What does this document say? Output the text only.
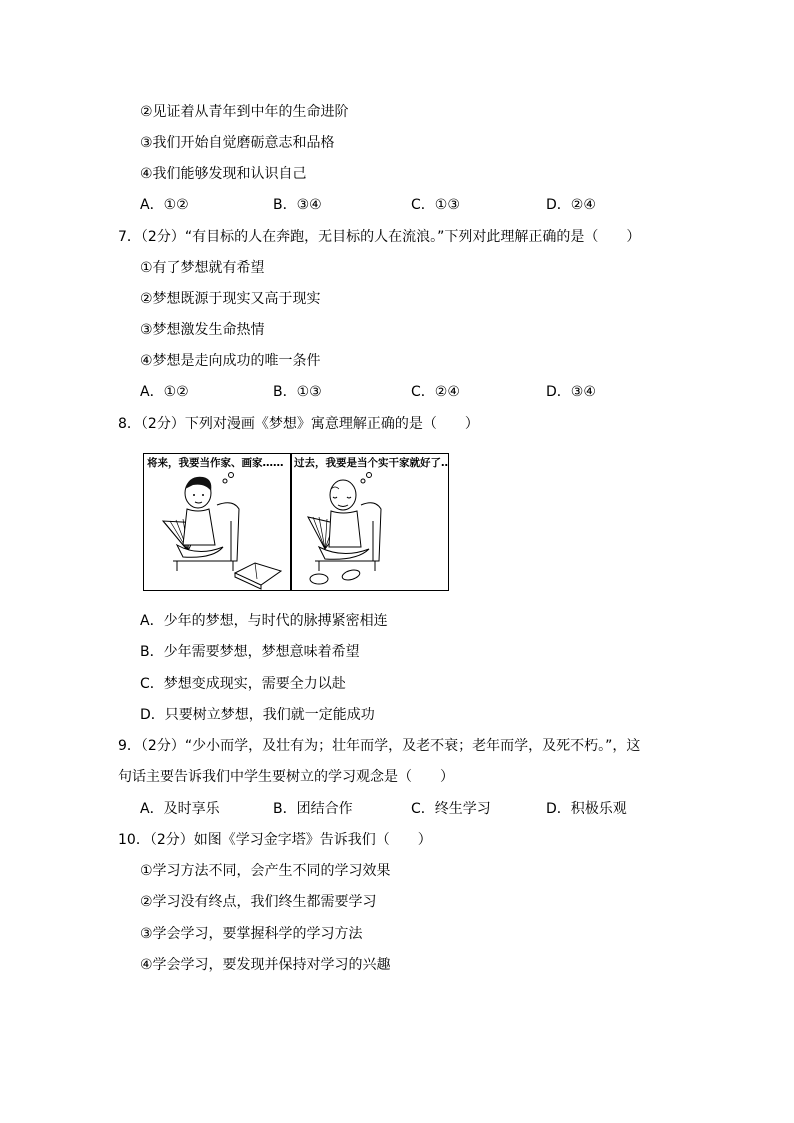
②见证着从青年到中年的生命进阶
③我们开始自觉磨砺意志和品格
④我们能够发现和认识自己
A．①②	B．③④	C．①③	D．②④
7．（2分）“有目标的人在奔跑，无目标的人在流浪。”下列对此理解正确的是（　　）
①有了梦想就有希望
②梦想既源于现实又高于现实
③梦想激发生命热情
④梦想是走向成功的唯一条件
A．①②	B．①③	C．②④	D．③④
8．（2分）下列对漫画《梦想》寓意理解正确的是（　　）
将来，我要当作家、画家…… 过去，我要是当个实干家就好了……
A．少年的梦想，与时代的脉搏紧密相连
B．少年需要梦想，梦想意味着希望
C．梦想变成现实，需要全力以赴
D．只要树立梦想，我们就一定能成功
9．（2分）“少小而学，及壮有为；壮年而学，及老不衰；老年而学，及死不朽。”，这
句话主要告诉我们中学生要树立的学习观念是（　　）
A．及时享乐	B．团结合作	C．终生学习	D．积极乐观
10．（2分）如图《学习金字塔》告诉我们（　　）
①学习方法不同，会产生不同的学习效果
②学习没有终点，我们终生都需要学习
③学会学习，要掌握科学的学习方法
④学会学习，要发现并保持对学习的兴趣
